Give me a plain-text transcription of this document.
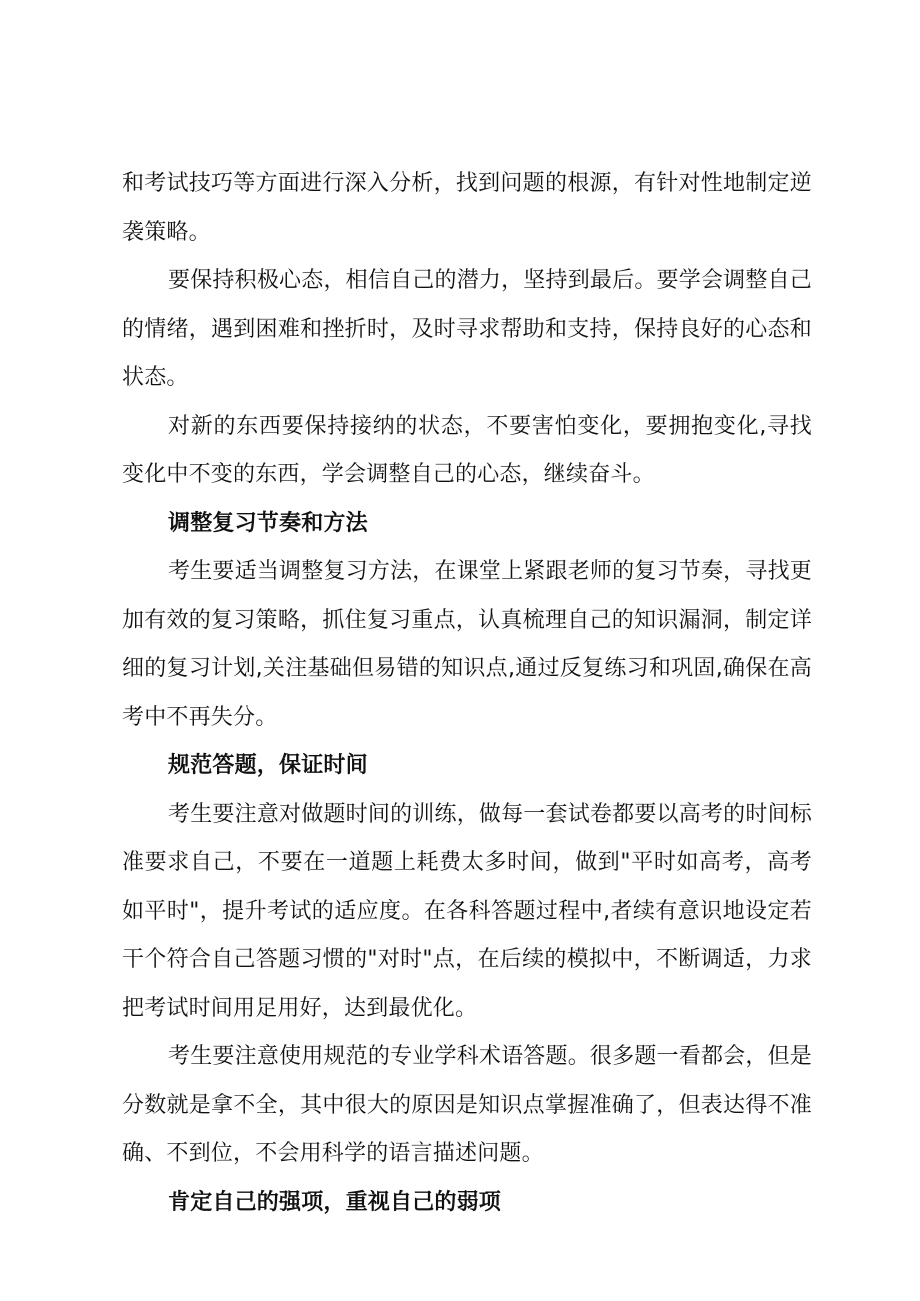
和考试技巧等方面进行深入分析，找到问题的根源，有针对性地制定逆袭策略。

要保持积极心态，相信自己的潜力，坚持到最后。要学会调整自己的情绪，遇到困难和挫折时，及时寻求帮助和支持，保持良好的心态和状态。

对新的东西要保持接纳的状态，不要害怕变化，要拥抱变化,寻找变化中不变的东西，学会调整自己的心态，继续奋斗。

调整复习节奏和方法

考生要适当调整复习方法，在课堂上紧跟老师的复习节奏，寻找更加有效的复习策略，抓住复习重点，认真梳理自己的知识漏洞，制定详细的复习计划,关注基础但易错的知识点,通过反复练习和巩固,确保在高考中不再失分。

规范答题，保证时间

考生要注意对做题时间的训练，做每一套试卷都要以高考的时间标准要求自己，不要在一道题上耗费太多时间，做到"平时如高考，高考如平时"，提升考试的适应度。在各科答题过程中,者续有意识地设定若干个符合自己答题习惯的"对时"点，在后续的模拟中，不断调适，力求把考试时间用足用好，达到最优化。

考生要注意使用规范的专业学科术语答题。很多题一看都会，但是分数就是拿不全，其中很大的原因是知识点掌握准确了，但表达得不准确、不到位，不会用科学的语言描述问题。

肯定自己的强项，重视自己的弱项
